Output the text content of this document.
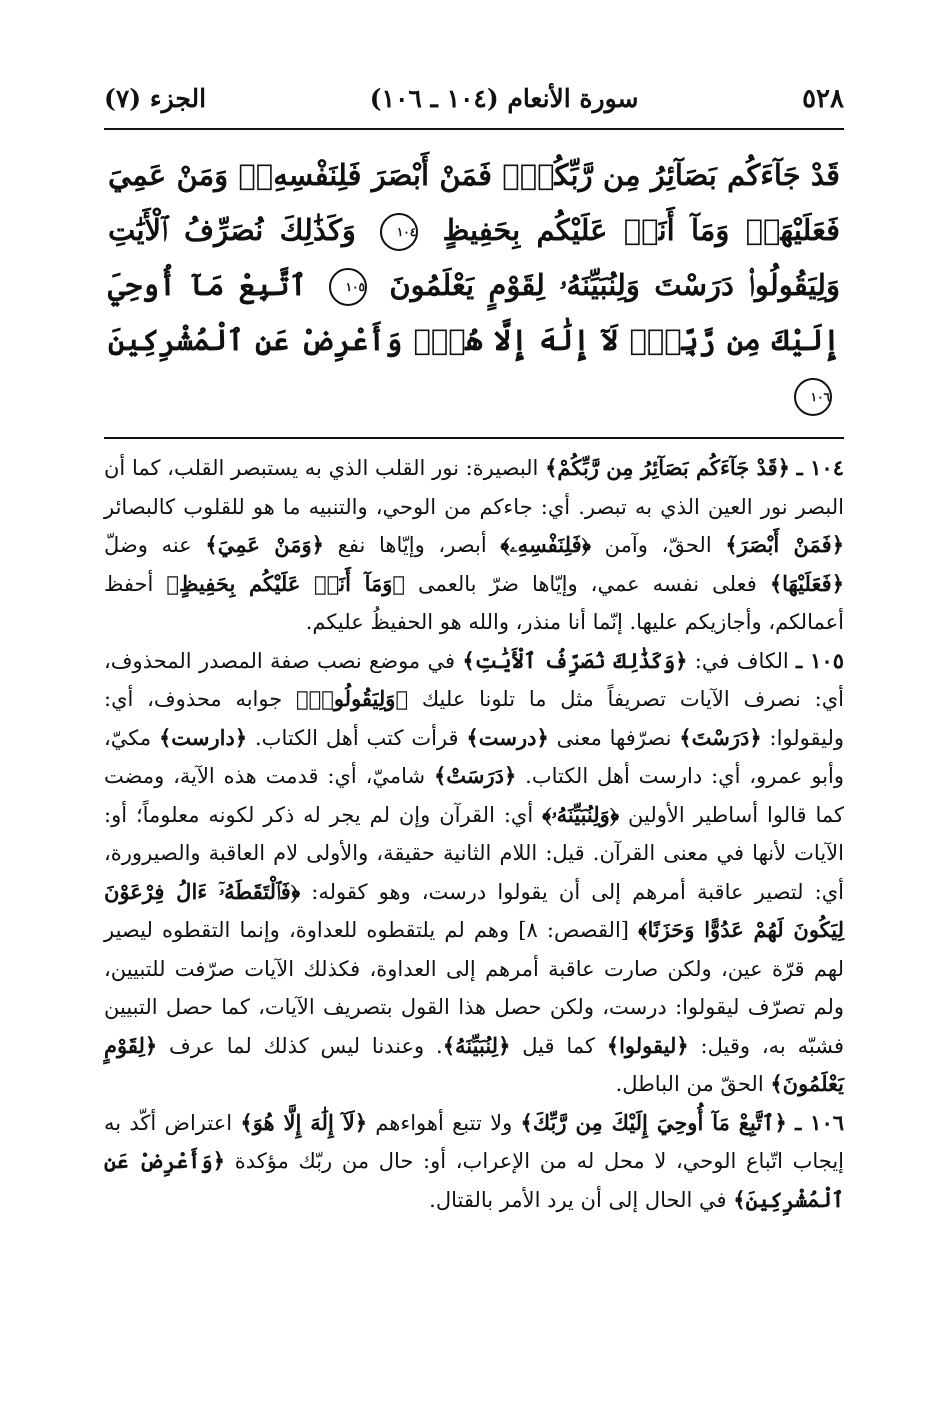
٥٢٨
سورة الأنعام (١٠٤ ـ ١٠٦)
الجزء (٧)
قَدْ جَآءَكُم بَصَآئِرُ مِن رَّبِّكُمْۖ فَمَنْ أَبْصَرَ فَلِنَفْسِهِۦۖ وَمَنْ عَمِيَ فَعَلَيْهَاۚ وَمَآ أَنَا۠ عَلَيْكُم بِحَفِيظٍ ١٠٤ وَكَذَٰلِكَ نُصَرِّفُ ٱلْأَيَٰتِ وَلِيَقُولُوا۟ دَرَسْتَ وَلِنُبَيِّنَهُۥ لِقَوْمٍ يَعْلَمُونَ ١٠٥ ٱتَّبِعْ مَآ أُوحِيَ إِلَيْكَ مِن رَّبِّكَۖ لَآ إِلَٰهَ إِلَّا هُوَۖ وَأَعْرِضْ عَنِ ٱلْمُشْرِكِينَ ١٠٦

١٠٤ ـ ﴿ قَدْ جَآءَكُم بَصَآئِرُ مِن رَّبِّكُمْ ﴾ البصيرة: نور القلب الذي به يستبصر القلب، كما أن البصر نور العين الذي به تبصر. أي: جاءكم من الوحي، والتنبيه ما هو للقلوب كالبصائر ﴿ فَمَنْ أَبْصَرَ ﴾ الحقّ، وآمن ﴿ فَلِنَفْسِهِۦ ﴾ أبصر، وإيّاها نفع ﴿ وَمَنْ عَمِيَ ﴾ عنه وضلّ ﴿ فَعَلَيْهَا ﴾ فعلى نفسه عمي، وإيّاها ضرّ بالعمى ﴿ وَمَآ أَنَا۠ عَلَيْكُم بِحَفِيظٍ ﴾ أحفظ أعمالكم، وأجازيكم عليها. إنّما أنا منذر، والله هو الحفيظُ عليكم.

١٠٥ ـ الكاف في: ﴿ وَكَذَٰلِكَ نُصَرِّفُ ٱلْأَيَٰتِ ﴾ في موضع نصب صفة المصدر المحذوف، أي: نصرف الآيات تصريفاً مثل ما تلونا عليك ﴿ وَلِيَقُولُوا۟ ﴾ جوابه محذوف، أي: وليقولوا: ﴿ دَرَسْتَ ﴾ نصرّفها معنى ﴿ درست ﴾ قرأت كتب أهل الكتاب. ﴿ دارست ﴾ مكيّ، وأبو عمرو، أي: دارست أهل الكتاب. ﴿ دَرَسَتْ ﴾ شاميّ، أي: قدمت هذه الآية، ومضت كما قالوا أساطير الأولين ﴿ وَلِنُبَيِّنَهُۥ ﴾ أي: القرآن وإن لم يجر له ذكر لكونه معلوماً؛ أو: الآيات لأنها في معنى القرآن. قيل: اللام الثانية حقيقة، والأولى لام العاقبة والصيرورة، أي: لتصير عاقبة أمرهم إلى أن يقولوا درست، وهو كقوله: ﴿ فَٱلْتَقَطَهُۥٓ ءَالُ فِرْعَوْنَ لِيَكُونَ لَهُمْ عَدُوًّا وَحَزَنًا ﴾ [القصص: ٨] وهم لم يلتقطوه للعداوة، وإنما التقطوه ليصير لهم قرّة عين، ولكن صارت عاقبة أمرهم إلى العداوة، فكذلك الآيات صرّفت للتبيين، ولم تصرّف ليقولوا: درست، ولكن حصل هذا القول بتصريف الآيات، كما حصل التبيين فشبّه به، وقيل: ﴿ ليقولوا ﴾ كما قيل ﴿ لِنُبَيِّنَهُ ﴾. وعندنا ليس كذلك لما عرف ﴿ لِقَوْمٍ يَعْلَمُونَ ﴾ الحقّ من الباطل.

١٠٦ ـ ﴿ ٱتَّبِعْ مَآ أُوحِيَ إِلَيْكَ مِن رَّبِّكَ ﴾ ولا تتبع أهواءهم ﴿ لَآ إِلَٰهَ إِلَّا هُوَ ﴾ اعتراض أكّد به إيجاب اتّباع الوحي، لا محل له من الإعراب، أو: حال من ربّك مؤكدة ﴿ وَأَعْرِضْ عَنِ ٱلْمُشْرِكِينَ ﴾ في الحال إلى أن يرد الأمر بالقتال.
